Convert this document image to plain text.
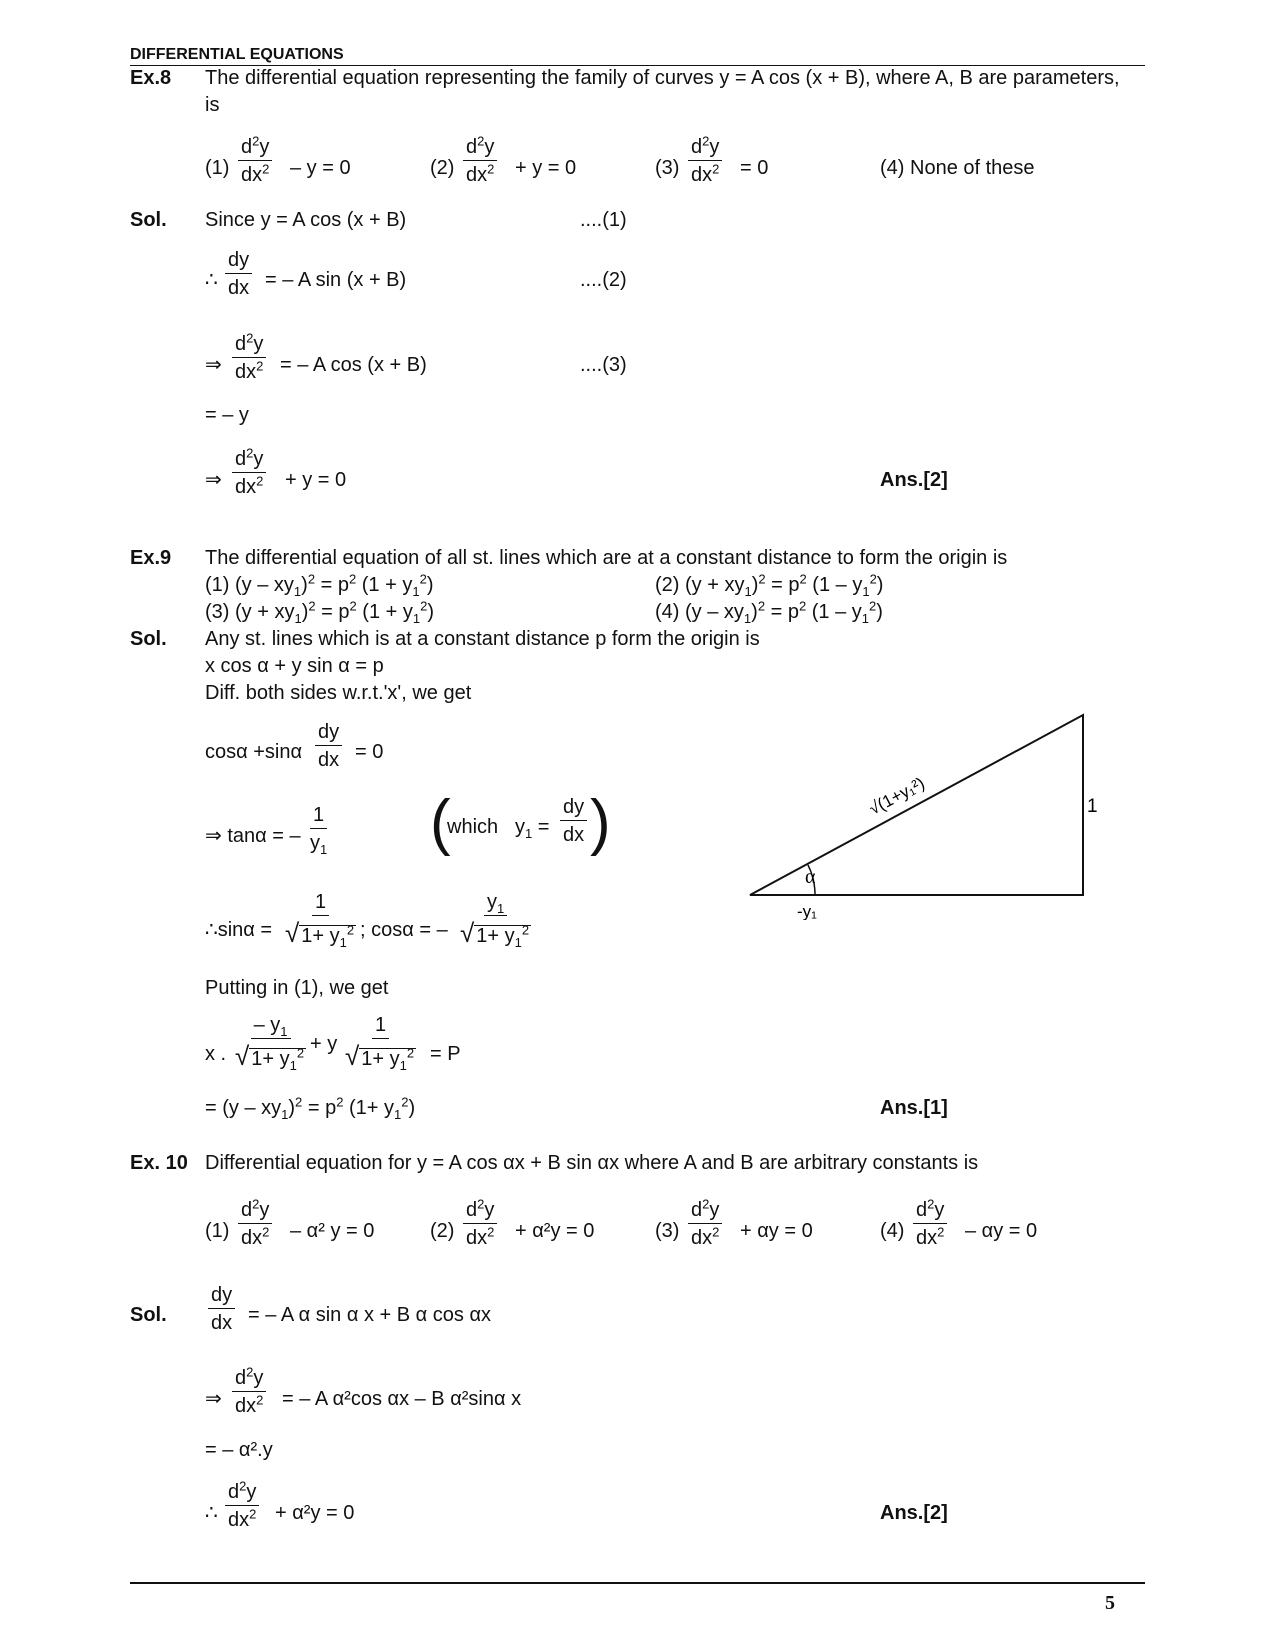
DIFFERENTIAL EQUATIONS
Ex.8 The differential equation representing the family of curves y = A cos (x + B), where A, B are parameters,
is
$(1) \frac{d^2y}{dx^2} - y = 0$	$(2) \frac{d^2y}{dx^2} + y = 0$	$(3) \frac{d^2y}{dx^2} = 0$	(4) None of these
Sol. Since y = A cos (x + B)	....(1)
∴ $\frac{dy}{dx}$ = – A sin (x + B)	....(2)
⇒ $\frac{d^2y}{dx^2}$ = – A cos (x + B)	....(3)
= – y
⇒ $\frac{d^2y}{dx^2} + y = 0$	Ans.[2]
Ex.9 The differential equation of all st. lines which are at a constant distance to form the origin is
(1) $(y - xy_1)^2 = p^2$ $(1 + y_1^2)$	(2) $(y + xy_1)^2 = p^2$ $(1 - y_1^2)$
(3) $(y + xy_1)^2 = p^2$ $(1 + y_1^2)$	(4) $(y - xy_1)^2 = p^2$ $(1 - y_1^2)$
Sol. Any st. lines which is at a constant distance p form the origin is
x cos α + y sin α = p
Diff. both sides w.r.t.'x', we get
$\cos\alpha +\sin\alpha \frac{dy}{dx} = 0$
⇒ tanα = – $\frac{1}{y_1}$ (
which $y_1 = \frac{dy}{dx}$ )
∴sinα = $\frac{1}{√ 1+ y_1^2}$ ; cosα = – $\frac{y_1}{√ 1+ y_1^2}$
Putting in (1), we get
x . $\frac{- y_1}{√ 1+ y_1^2} + y \frac{1}{√ 1+ y_1^2} = P$
= $(y - xy_1)^2 = p^2$ $(1+ y_1^2)$	Ans.[1]
√(1+y₁²)	1
α
-y₁
Ex. 10 Differential equation for y = A cos αx + B sin αx where A and B are arbitrary constants is
$(1) \frac{d^2y}{dx^2} - \alpha^2$ y = 0	$(2) \frac{d^2y}{dx^2} + \alpha^2y = 0$	$(3) \frac{d^2y}{dx^2} + \alpha y = 0$	$(4) \frac{d^2y}{dx^2} - \alpha y = 0$
Sol. $\frac{dy}{dx}$ = – A α sin α x + B α cos αx
⇒ $\frac{d^2y}{dx^2}$ = – A α²cos αx – B α²sinα x
= – α².y
∴ $\frac{d^2y}{dx^2} + \alpha^2y = 0$	Ans.[2]
5
